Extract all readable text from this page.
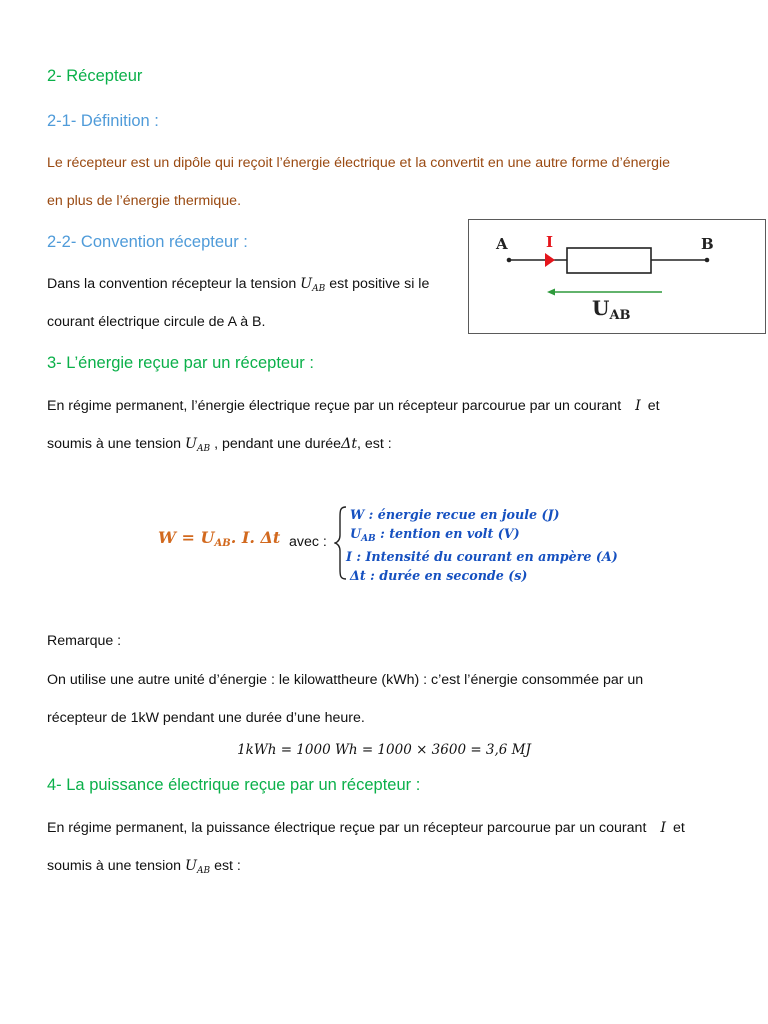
2- Récepteur
2-1- Définition :
Le récepteur est un dipôle qui reçoit l’énergie électrique et la convertit en une autre forme d’énergie
en plus de l’énergie thermique.
2-2- Convention récepteur :
Dans la convention récepteur la tension $U_{AB}$ est positive si le
courant électrique circule de A à B.
A	I	B
$U_{AB}$
3- L’énergie reçue par un récepteur :
En régime permanent, l’énergie électrique reçue par un récepteur parcourue par un courant I et
soumis à une tension $U_{AB}$ , pendant une duréeΔt, est :
$W = U_{AB}$. I. Δt avec :
W : énergie recue en joule (J)
$U_{AB}$ : tention en volt (V)
I : Intensité du courant en ampère (A)
Δt : durée en seconde (s)
Remarque :
On utilise une autre unité d’énergie : le kilowattheure (kWh) : c’est l’énergie consommée par un
récepteur de 1kW pendant une durée d’une heure.
1kWh = 1000 Wh = 1000 × 3600 = 3,6 MJ
4- La puissance électrique reçue par un récepteur :
En régime permanent, la puissance électrique reçue par un récepteur parcourue par un courant I et
soumis à une tension $U_{AB}$ est :
